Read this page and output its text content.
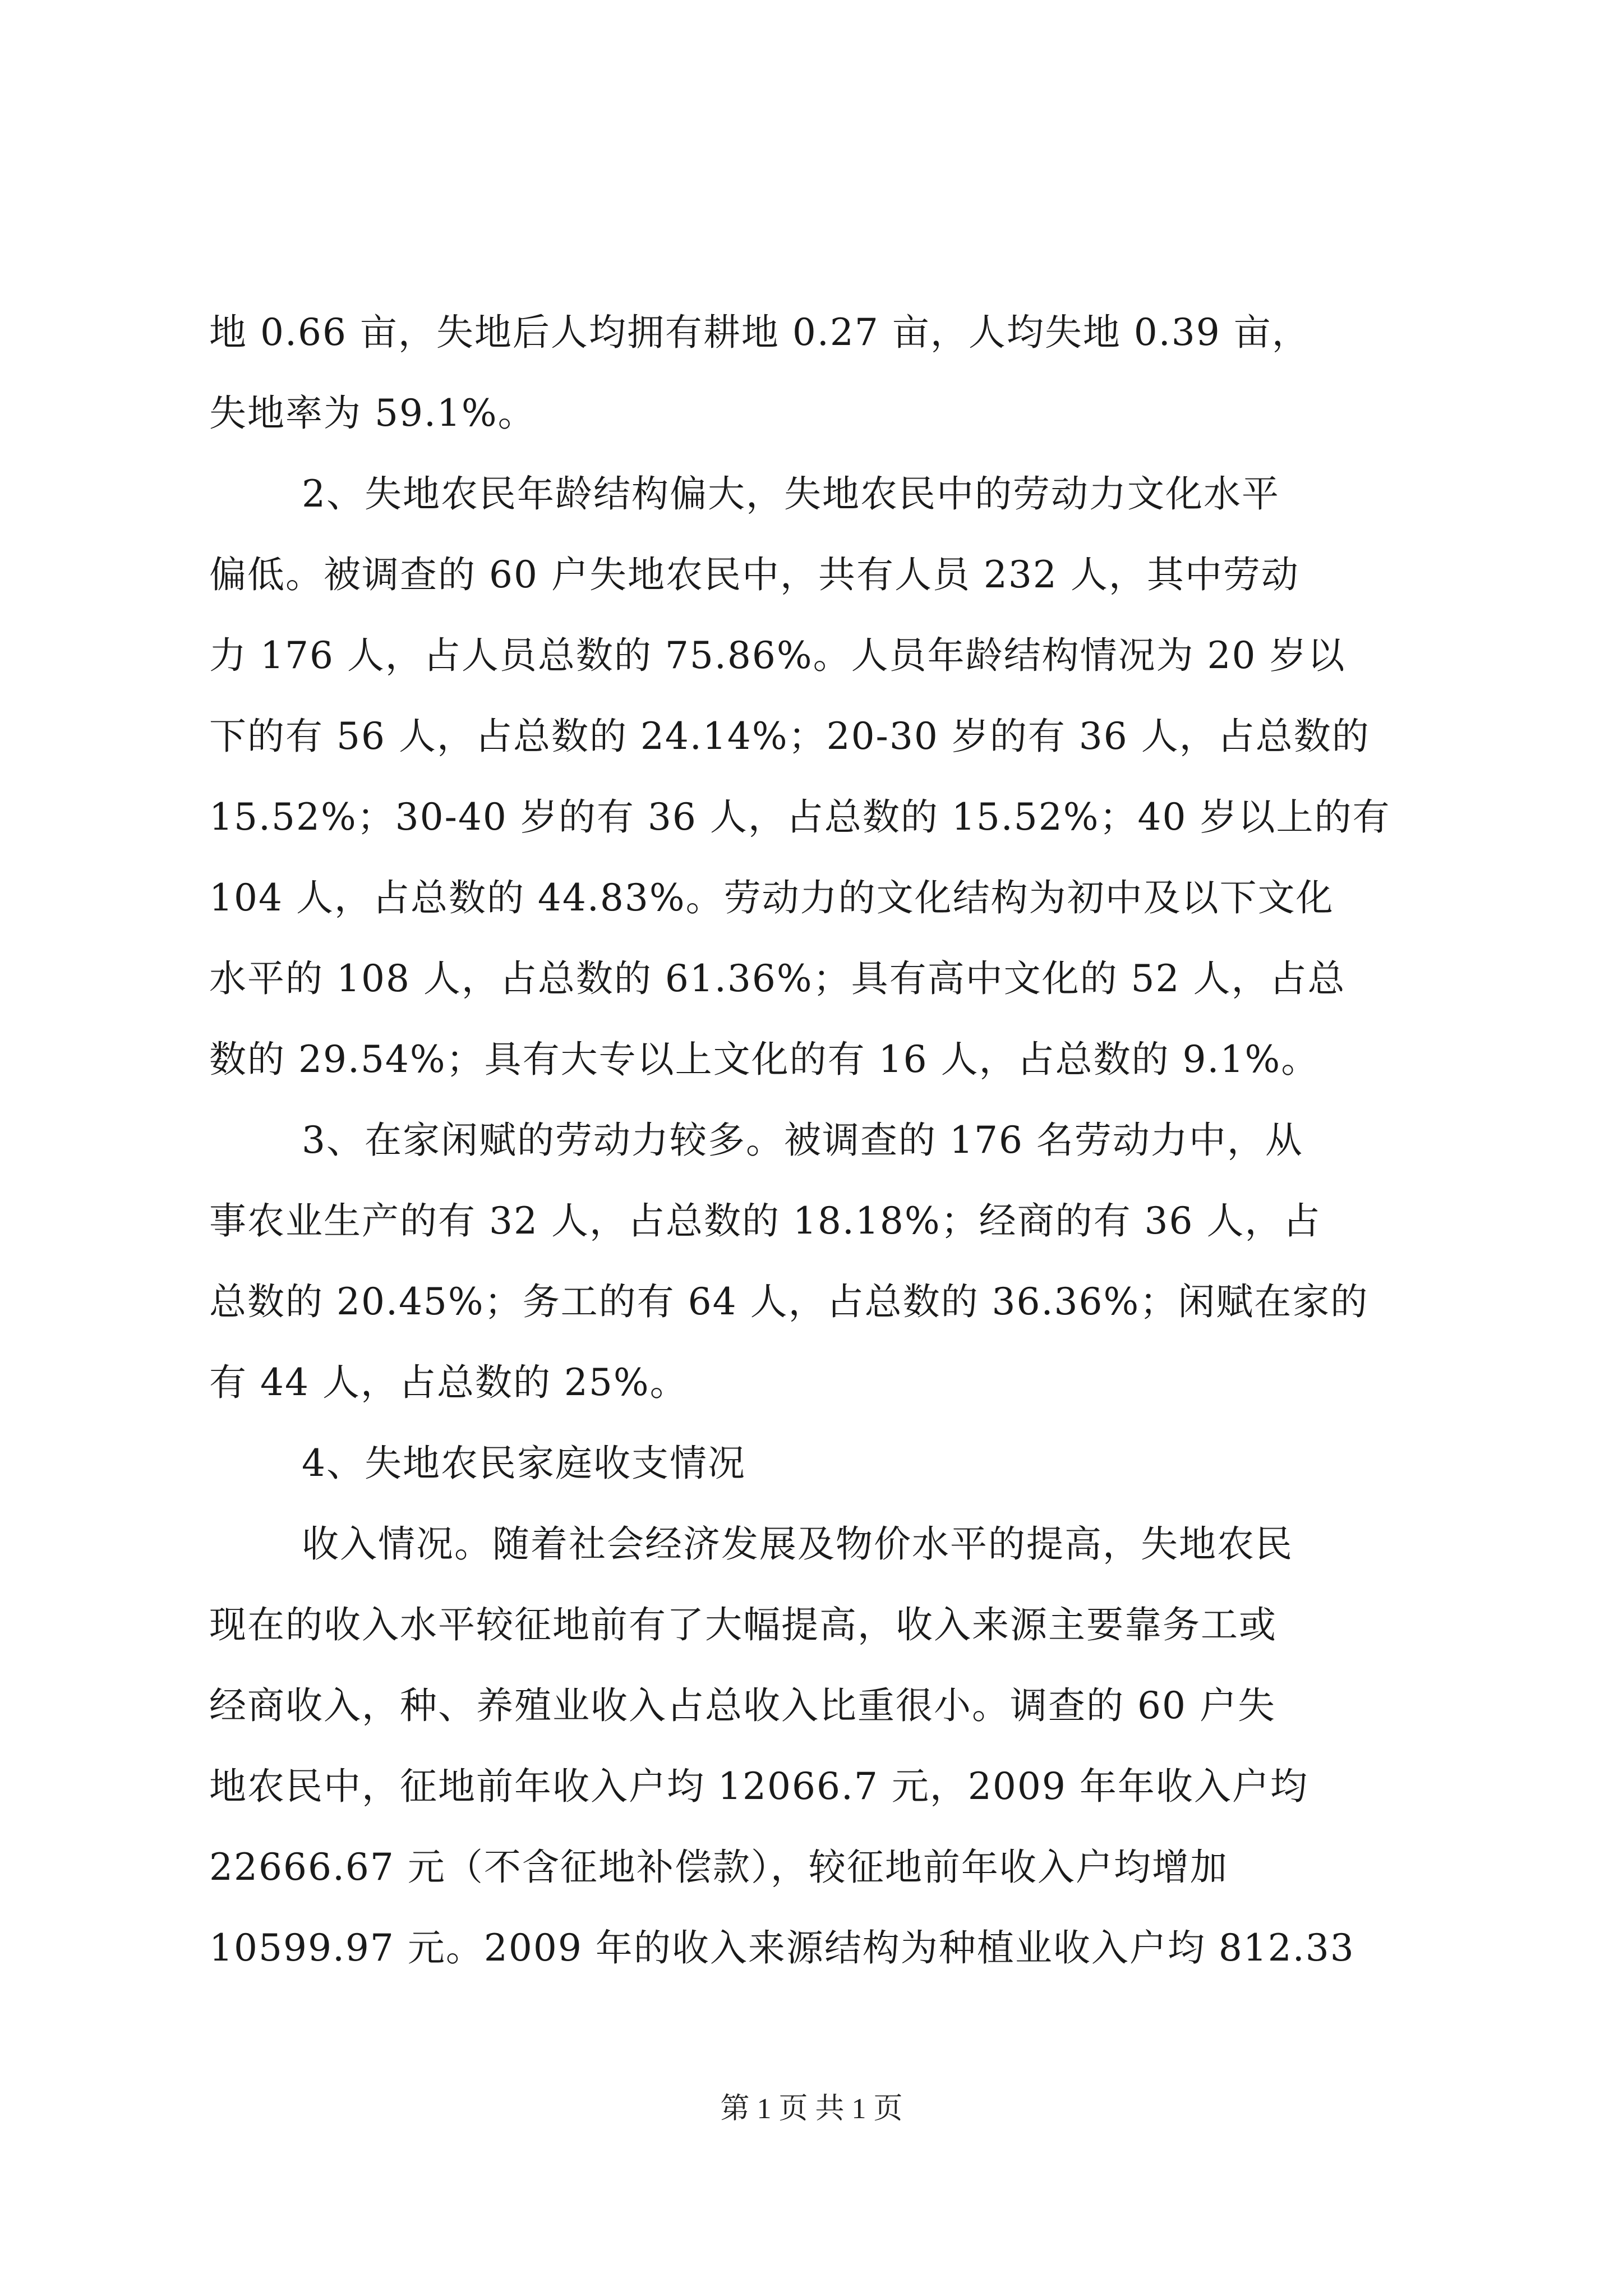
地 0.66 亩，失地后人均拥有耕地 0.27 亩，人均失地 0.39 亩，
失地率为 59.1%。
2、失地农民年龄结构偏大，失地农民中的劳动力文化水平
偏低。被调查的 60 户失地农民中，共有人员 232 人，其中劳动
力 176 人，占人员总数的 75.86%。人员年龄结构情况为 20 岁以
下的有 56 人，占总数的 24.14%；20-30 岁的有 36 人，占总数的
15.52%；30-40 岁的有 36 人，占总数的 15.52%；40 岁以上的有
104 人，占总数的 44.83%。劳动力的文化结构为初中及以下文化
水平的 108 人，占总数的 61.36%；具有高中文化的 52 人，占总
数的 29.54%；具有大专以上文化的有 16 人，占总数的 9.1%。
3、在家闲赋的劳动力较多。被调查的 176 名劳动力中，从
事农业生产的有 32 人，占总数的 18.18%；经商的有 36 人，占
总数的 20.45%；务工的有 64 人，占总数的 36.36%；闲赋在家的
有 44 人，占总数的 25%。
4、失地农民家庭收支情况
收入情况。随着社会经济发展及物价水平的提高，失地农民
现在的收入水平较征地前有了大幅提高，收入来源主要靠务工或
经商收入，种、养殖业收入占总收入比重很小。调查的 60 户失
地农民中，征地前年收入户均 12066.7 元，2009 年年收入户均
22666.67 元（不含征地补偿款），较征地前年收入户均增加
10599.97 元。2009 年的收入来源结构为种植业收入户均 812.33
第 1 页 共 1 页
